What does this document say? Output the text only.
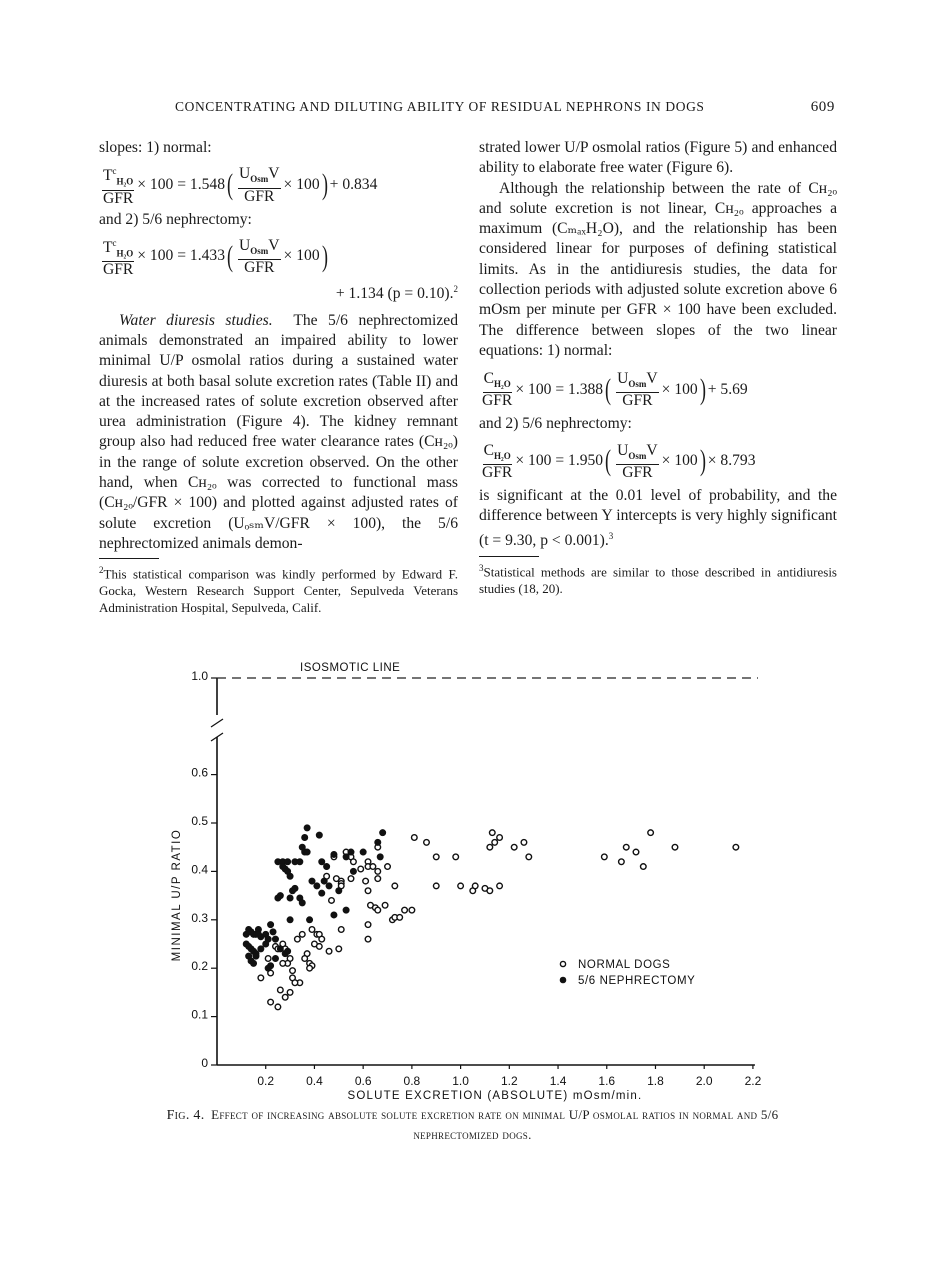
CONCENTRATING AND DILUTING ABILITY OF RESIDUAL NEPHRONS IN DOGS	609

slopes: 1) normal:

$\frac{T^c_{H_2O}}{\text{GFR}} \times 100 = 1.548$ ( $\frac{U_{Osm}V}{\text{GFR}} \times 100$ ) + 0.834

and 2) 5/6 nephrectomy:

$\frac{T^c_{H_2O}}{\text{GFR}} \times 100 = 1.433$ ( $\frac{U_{Osm}V}{\text{GFR}} \times 100$ )

+ 1.134 (p = 0.10).$^2$

Water diuresis studies. The 5/6 nephrectomized animals demonstrated an impaired ability to lower minimal U/P osmolal ratios during a sustained water diuresis at both basal solute excretion rates (Table II) and at the increased rates of solute excretion observed after urea administration (Figure 4). The kidney remnant group also had reduced free water clearance rates (Cʜ₂ₒ) in the range of solute excretion observed. On the other hand, when Cʜ₂ₒ was corrected to functional mass (Cʜ₂ₒ/GFR × 100) and plotted against adjusted rates of solute excretion (UₒₛₘV/GFR × 100), the 5/6 nephrectomized animals demon-

$^2$This statistical comparison was kindly performed by Edward F. Gocka, Western Research Support Center, Sepulveda Veterans Administration Hospital, Sepulveda, Calif.

strated lower U/P osmolal ratios (Figure 5) and enhanced ability to elaborate free water (Figure 6).

Although the relationship between the rate of Cʜ₂ₒ and solute excretion is not linear, Cʜ₂ₒ approaches a maximum (CₘₐₓH₂O), and the relationship has been considered linear for purposes of defining statistical limits. As in the antidiuresis studies, the data for collection periods with adjusted solute excretion above 6 mOsm per minute per GFR × 100 have been excluded. The difference between slopes of the two linear equations: 1) normal:

$\frac{C_{H_2O}}{\text{GFR}} \times 100 = 1.388$ ( $\frac{U_{Osm}V}{\text{GFR}} \times 100$ ) + 5.69

and 2) 5/6 nephrectomy:

$\frac{C_{H_2O}}{\text{GFR}} \times 100 = 1.950$ ( $\frac{U_{Osm}V}{\text{GFR}} \times 100$ ) × 8.793

is significant at the 0.01 level of probability, and the difference between Y intercepts is very highly significant (t = 9.30, p < 0.001).$^3$

$^3$Statistical methods are similar to those described in antidiuresis studies (18, 20).

ISOSMOTIC LINE
0
0.1
0.2
0.3
0.4
0.5
0.6
1.0
0.2	0.4	0.6	0.8	1.0	1.2	1.4	1.6	1.8	2.0	2.2
SOLUTE EXCRETION (ABSOLUTE) mOsm/min.
MINIMAL U/P RATIO
NORMAL DOGS
5/6 NEPHRECTOMY
Fig. 4. Effect of increasing absolute solute excretion rate on minimal U/P osmolal ratios in normal and 5/6 nephrectomized dogs.
